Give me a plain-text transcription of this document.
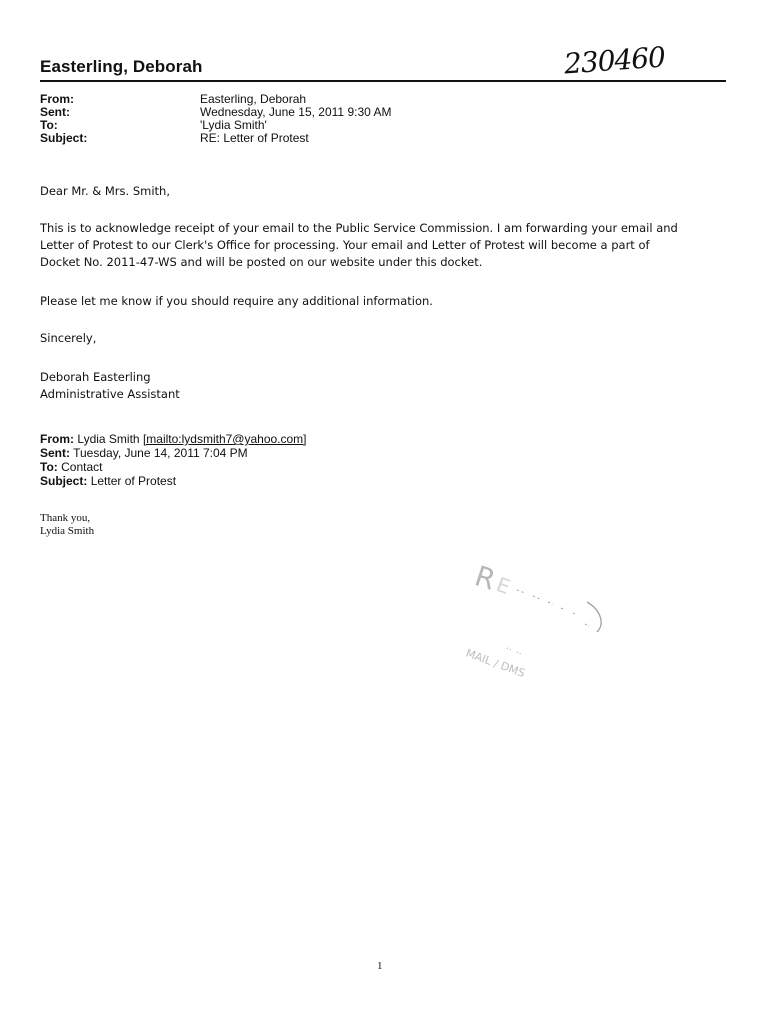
Easterling, Deborah	230460
From:	Easterling, Deborah
Sent:	Wednesday, June 15, 2011 9:30 AM
To:	'Lydia Smith'
Subject:	RE: Letter of Protest
Dear Mr. & Mrs. Smith,
This is to acknowledge receipt of your email to the Public Service Commission. I am forwarding your email and
Letter of Protest to our Clerk's Office for processing. Your email and Letter of Protest will become a part of
Docket No. 2011-47-WS and will be posted on our website under this docket.
Please let me know if you should require any additional information.
Sincerely,
Deborah Easterling
Administrative Assistant
From: Lydia Smith [mailto:lydsmith7@yahoo.com]
Sent: Tuesday, June 14, 2011 7:04 PM
To: Contact
Subject: Letter of Protest
Thank you,
Lydia Smith
R
E
MAIL / DMS
1
